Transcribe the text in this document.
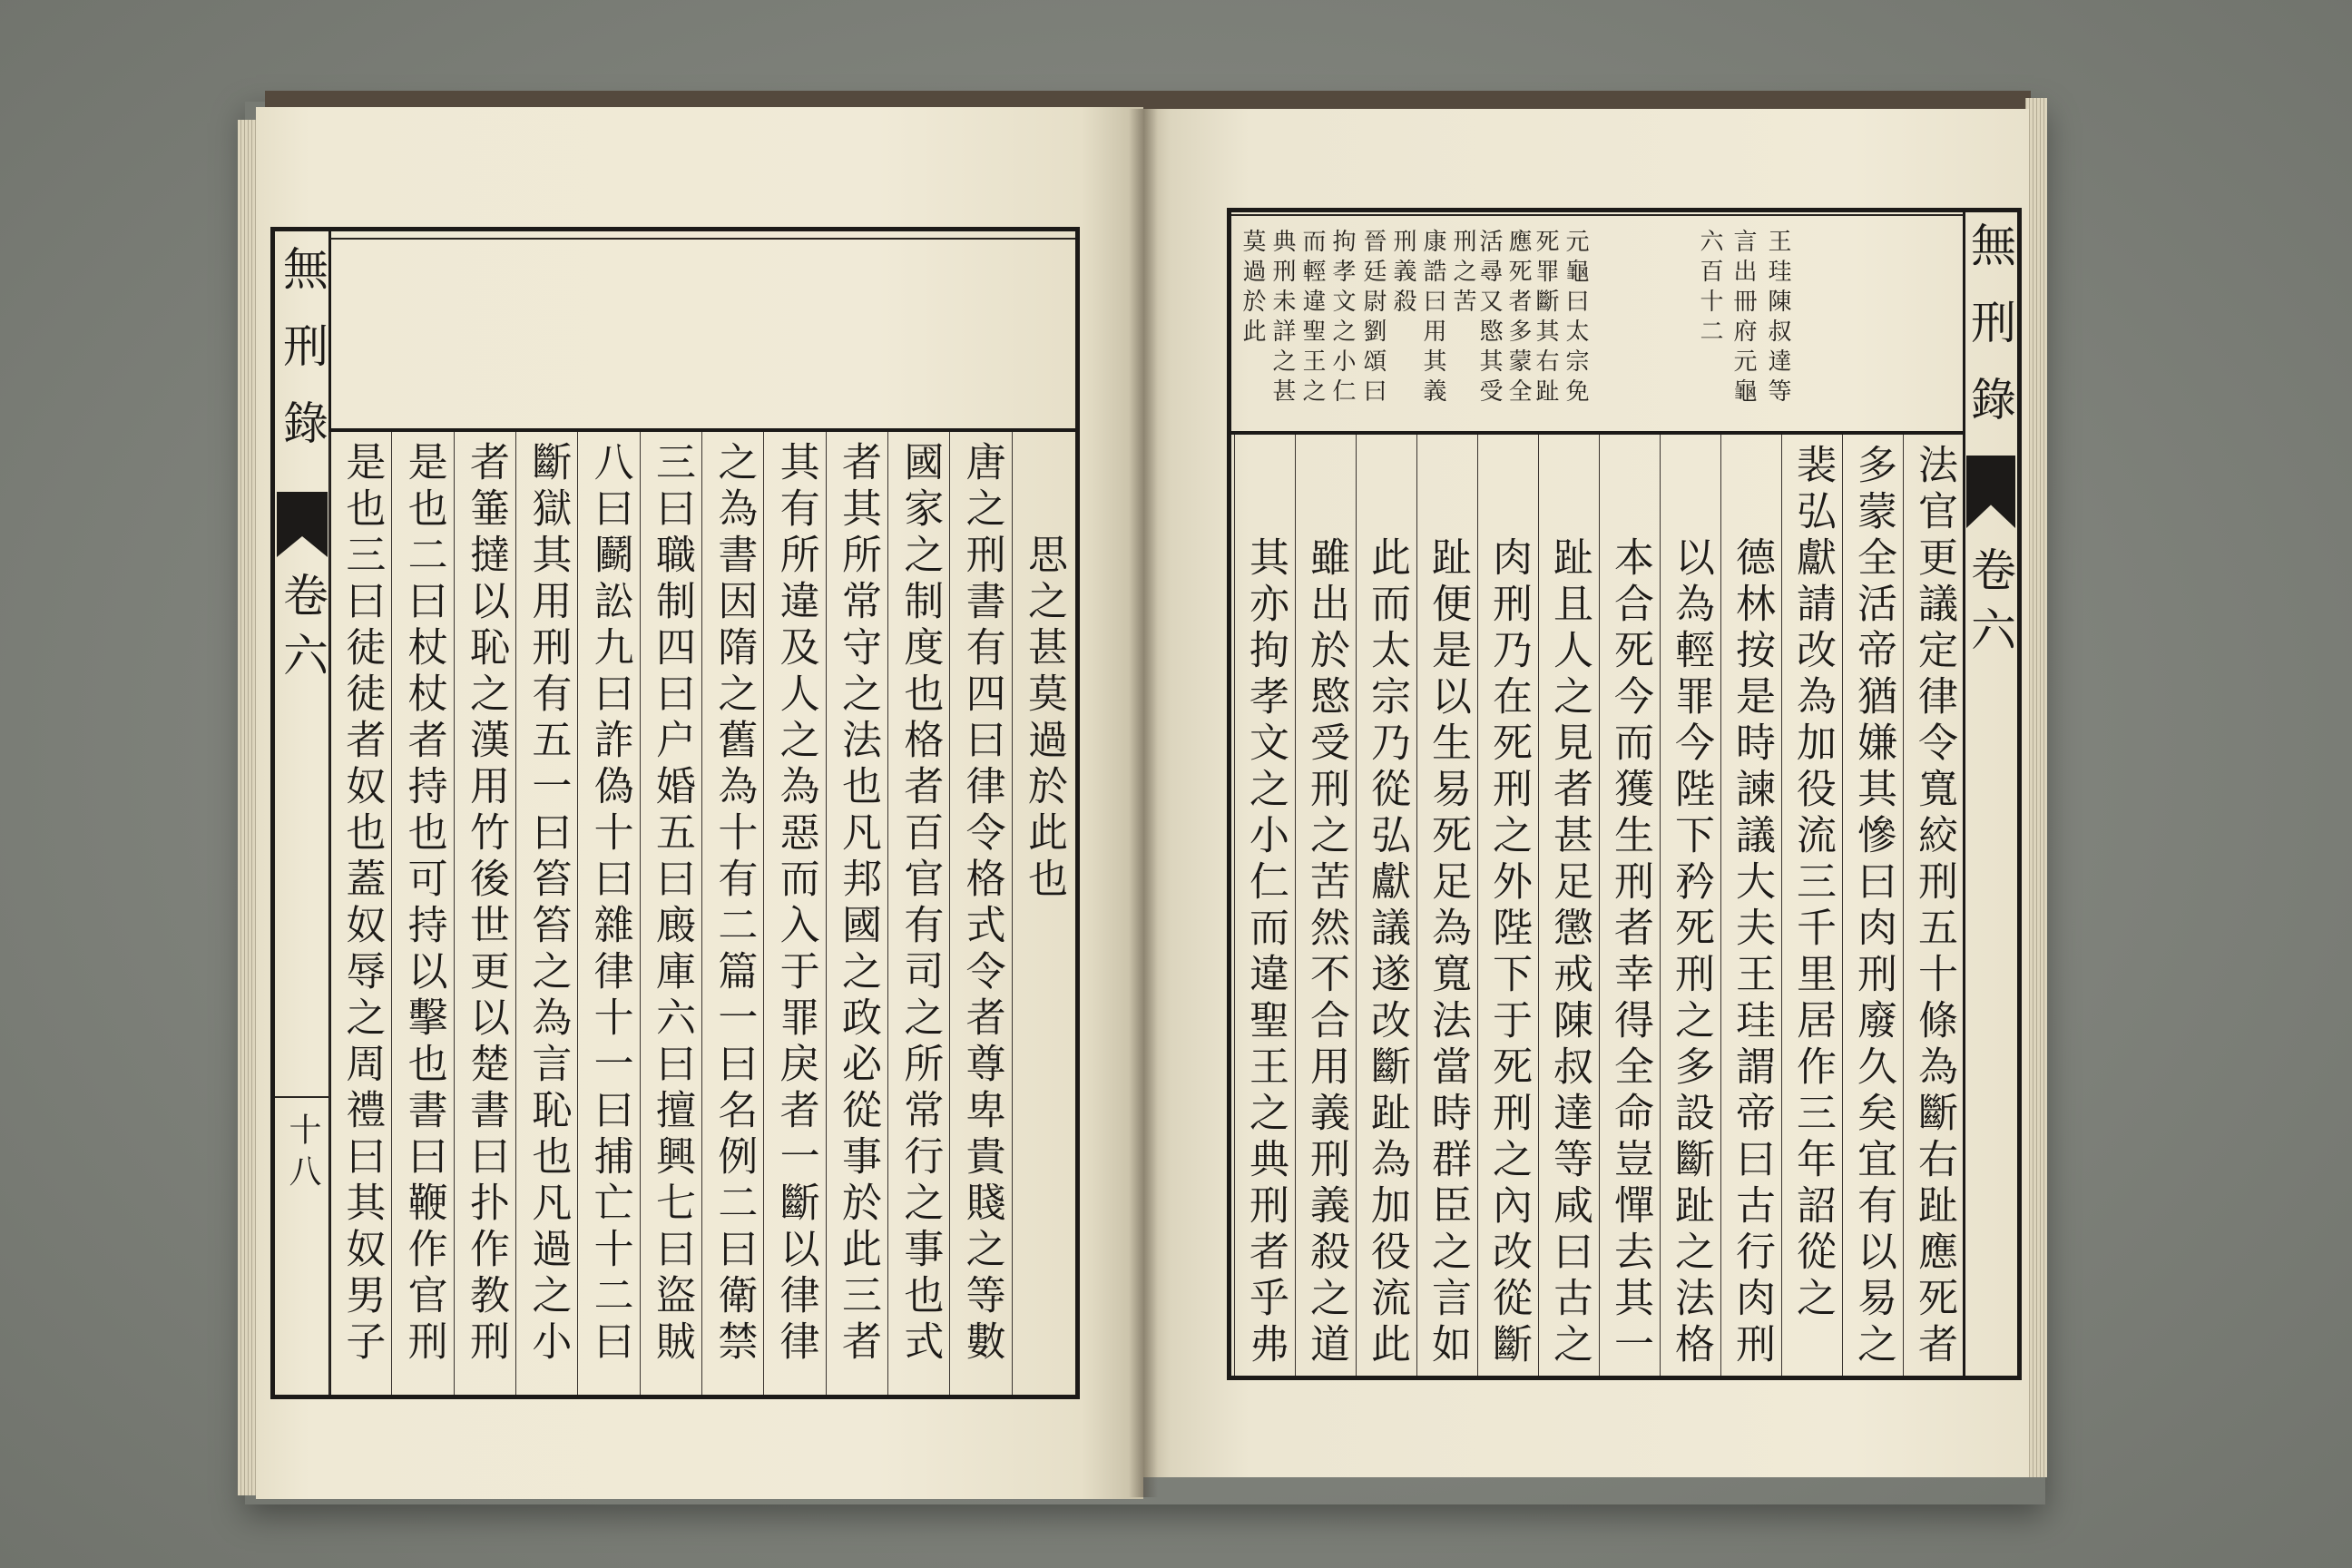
無刑錄
卷六
十八
思之甚莫過於此也
唐之刑書有四曰律令格式令者尊卑貴賤之等數
國家之制度也格者百官有司之所常行之事也式
者其所常守之法也凡邦國之政必從事於此三者
其有所違及人之為惡而入于罪戾者一斷以律律
之為書因隋之舊為十有二篇一曰名例二曰衛禁
三曰職制四曰户婚五曰廄庫六曰擅興七曰盜賊
八曰鬬訟九曰詐偽十曰雜律十一曰捕亡十二曰
斷獄其用刑有五一曰笞笞之為言恥也凡過之小
者箠撻以恥之漢用竹後世更以楚書曰扑作教刑
是也二曰杖杖者持也可持以擊也書曰鞭作官刑
是也三曰徒徒者奴也蓋奴辱之周禮曰其奴男子
王珪陳叔達等
言出冊府元龜
六百十二
元龜曰太宗免
死罪斷其右趾
應死者多蒙全
活尋又愍其受
刑之苦
康誥曰用其義
刑義殺
晉廷尉劉頌曰
拘孝文之小仁
而輕違聖王之
典刑未詳之甚
莫過於此	無刑錄
卷六
法官更議定律令寬絞刑五十條為斷右趾應死者
多蒙全活帝猶嫌其慘曰肉刑廢久矣宜有以易之
裴弘獻請改為加役流三千里居作三年詔從之
德林按是時諫議大夫王珪謂帝曰古行肉刑
以為輕罪今陛下矜死刑之多設斷趾之法格
本合死今而獲生刑者幸得全命豈憚去其一
趾且人之見者甚足懲戒陳叔達等咸曰古之
肉刑乃在死刑之外陛下于死刑之內改從斷
趾便是以生易死足為寬法當時群臣之言如
此而太宗乃從弘獻議遂改斷趾為加役流此
雖出於愍受刑之苦然不合用義刑義殺之道
其亦拘孝文之小仁而違聖王之典刑者乎弗
